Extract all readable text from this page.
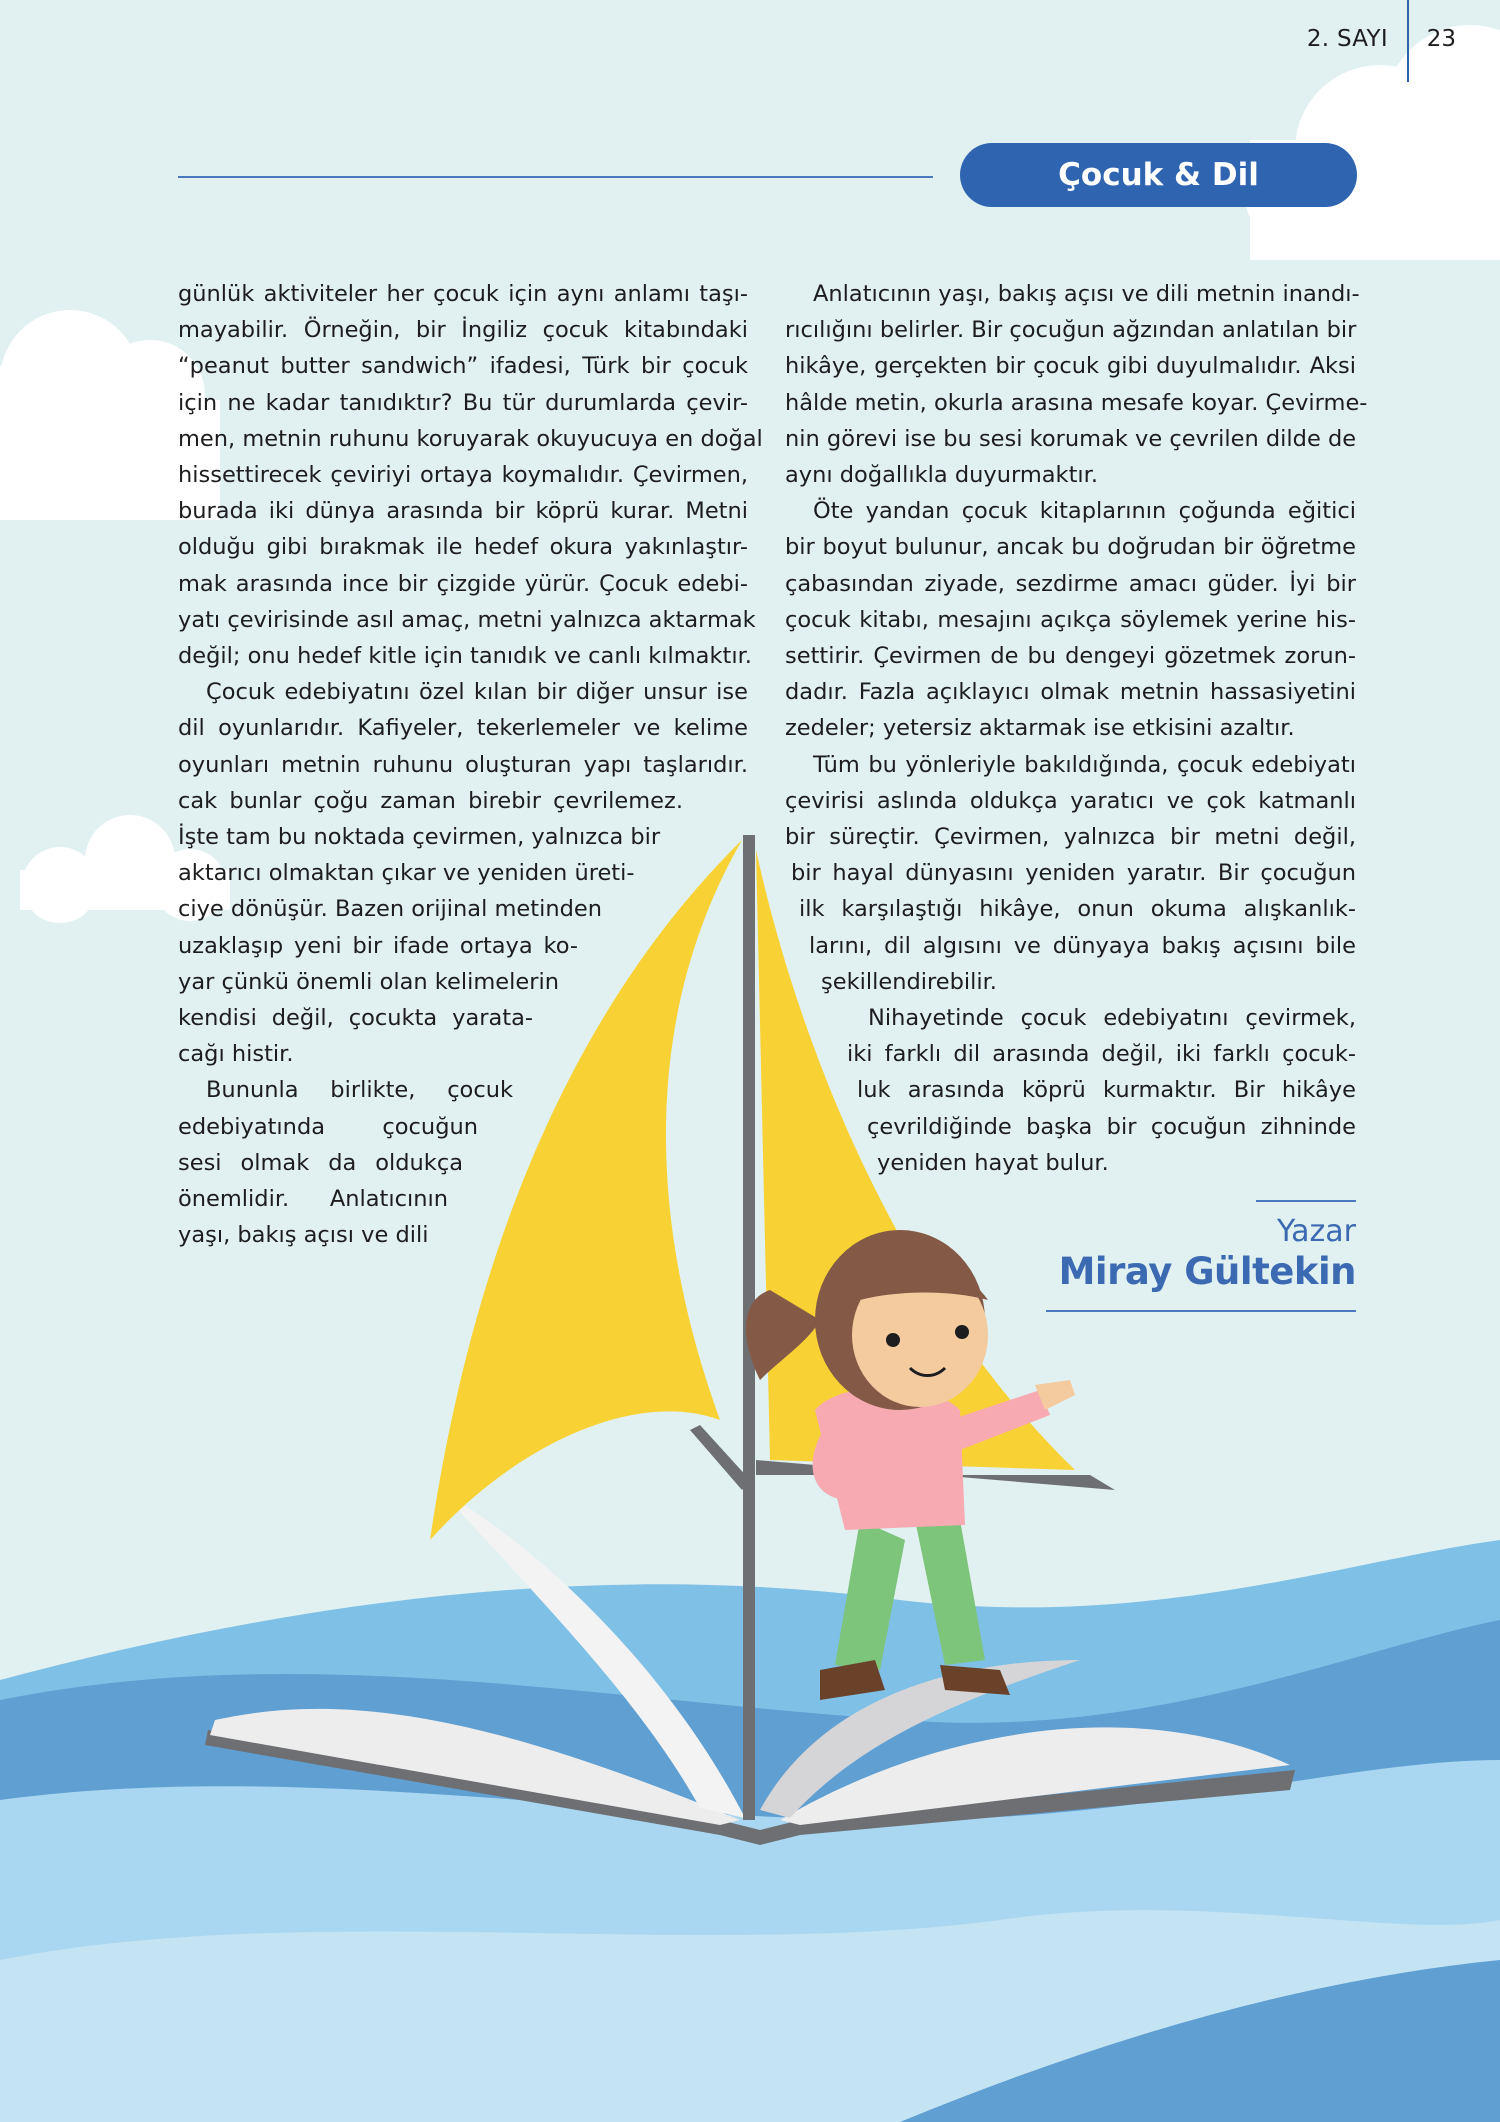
2. SAYI 23
Çocuk & Dil

günlük aktiviteler her çocuk için aynı anlamı taşı-
mayabilir. Örneğin, bir İngiliz çocuk kitabındaki
“peanut butter sandwich” ifadesi, Türk bir çocuk
için ne kadar tanıdıktır? Bu tür durumlarda çevir-
men, metnin ruhunu koruyarak okuyucuya en doğal
hissettirecek çeviriyi ortaya koymalıdır. Çevirmen,
burada iki dünya arasında bir köprü kurar. Metni
olduğu gibi bırakmak ile hedef okura yakınlaştır-
mak arasında ince bir çizgide yürür. Çocuk edebi-
yatı çevirisinde asıl amaç, metni yalnızca aktarmak
değil; onu hedef kitle için tanıdık ve canlı kılmaktır.

Çocuk edebiyatını özel kılan bir diğer unsur ise
dil oyunlarıdır. Kafiyeler, tekerlemeler ve kelime
oyunları metnin ruhunu oluşturan yapı taşlarıdır.
cak bunlar çoğu zaman birebir çevrilemez.
İşte tam bu noktada çevirmen, yalnızca bir
aktarıcı olmaktan çıkar ve yeniden üreti-
ciye dönüşür. Bazen orijinal metinden
uzaklaşıp yeni bir ifade ortaya ko-
yar çünkü önemli olan kelimelerin
kendisi değil, çocukta yarata-
cağı histir.

Bununla birlikte, çocuk
edebiyatında çocuğun
sesi olmak da oldukça
önemlidir. Anlatıcının
yaşı, bakış açısı ve dili

Anlatıcının yaşı, bakış açısı ve dili metnin inandı-
rıcılığını belirler. Bir çocuğun ağzından anlatılan bir
hikâye, gerçekten bir çocuk gibi duyulmalıdır. Aksi
hâlde metin, okurla arasına mesafe koyar. Çevirme-
nin görevi ise bu sesi korumak ve çevrilen dilde de
aynı doğallıkla duyurmaktır.

Öte yandan çocuk kitaplarının çoğunda eğitici
bir boyut bulunur, ancak bu doğrudan bir öğretme
çabasından ziyade, sezdirme amacı güder. İyi bir
çocuk kitabı, mesajını açıkça söylemek yerine his-
settirir. Çevirmen de bu dengeyi gözetmek zorun-
dadır. Fazla açıklayıcı olmak metnin hassasiyetini
zedeler; yetersiz aktarmak ise etkisini azaltır.

Tüm bu yönleriyle bakıldığında, çocuk edebiyatı
çevirisi aslında oldukça yaratıcı ve çok katmanlı
bir süreçtir. Çevirmen, yalnızca bir metni değil,
bir hayal dünyasını yeniden yaratır. Bir çocuğun
ilk karşılaştığı hikâye, onun okuma alışkanlık-
larını, dil algısını ve dünyaya bakış açısını bile
şekillendirebilir.

Nihayetinde çocuk edebiyatını çevirmek,
iki farklı dil arasında değil, iki farklı çocuk-
luk arasında köprü kurmaktır. Bir hikâye
çevrildiğinde başka bir çocuğun zihninde
yeniden hayat bulur.

Yazar
Miray Gültekin
